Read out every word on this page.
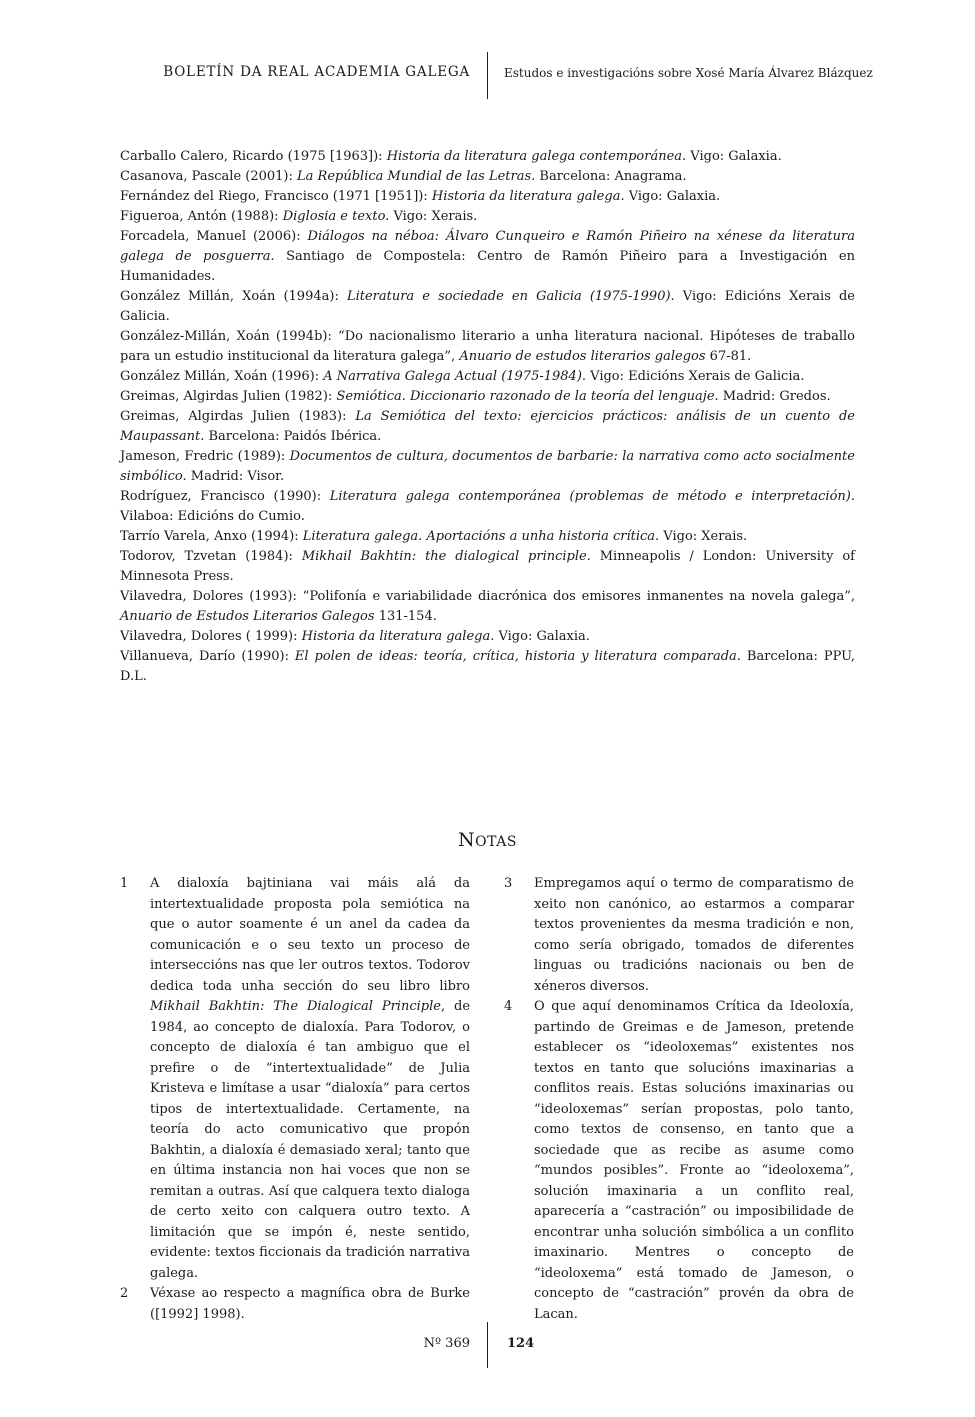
BOLETÍN DA REAL ACADEMIA GALEGA	Estudos e investigacións sobre Xosé María Álvarez Blázquez

Carballo Calero, Ricardo (1975 [1963]): Historia da literatura galega contemporánea. Vigo: Galaxia.

Casanova, Pascale (2001): La República Mundial de las Letras. Barcelona: Anagrama.

Fernández del Riego, Francisco (1971 [1951]): Historia da literatura galega. Vigo: Galaxia.

Figueroa, Antón (1988): Diglosia e texto. Vigo: Xerais.

Forcadela, Manuel (2006): Diálogos na néboa: Álvaro Cunqueiro e Ramón Piñeiro na xénese da literatura galega de posguerra. Santiago de Compostela: Centro de Ramón Piñeiro para a Investigación en Humanidades.

González Millán, Xoán (1994a): Literatura e sociedade en Galicia (1975-1990). Vigo: Edicións Xerais de Galicia.

González-Millán, Xoán (1994b): “Do nacionalismo literario a unha literatura nacional. Hipóteses de traballo para un estudio institucional da literatura galega”, Anuario de estudos literarios galegos 67-81.

González Millán, Xoán (1996): A Narrativa Galega Actual (1975-1984). Vigo: Edicións Xerais de Galicia.

Greimas, Algirdas Julien (1982): Semiótica. Diccionario razonado de la teoría del lenguaje. Madrid: Gredos.

Greimas, Algirdas Julien (1983): La Semiótica del texto: ejercicios prácticos: análisis de un cuento de Maupassant. Barcelona: Paidós Ibérica.

Jameson, Fredric (1989): Documentos de cultura, documentos de barbarie: la narrativa como acto socialmente simbólico. Madrid: Visor.

Rodríguez, Francisco (1990): Literatura galega contemporánea (problemas de método e interpretación). Vilaboa: Edicións do Cumio.

Tarrío Varela, Anxo (1994): Literatura galega. Aportacións a unha historia crítica. Vigo: Xerais.

Todorov, Tzvetan (1984): Mikhail Bakhtin: the dialogical principle. Minneapolis / London: University of Minnesota Press.

Vilavedra, Dolores (1993): “Polifonía e variabilidade diacrónica dos emisores inmanentes na novela galega”, Anuario de Estudos Literarios Galegos 131-154.

Vilavedra, Dolores ( 1999): Historia da literatura galega. Vigo: Galaxia.

Villanueva, Darío (1990): El polen de ideas: teoría, crítica, historia y literatura comparada. Barcelona: PPU, D.L.

NOTAS

1 A dialoxía bajtiniana vai máis alá da intertextualidade proposta pola semiótica na que o autor soamente é un anel da cadea da comunicación e o seu texto un proceso de interseccións nas que ler outros textos. Todorov dedica toda unha sección do seu libro libro Mikhail Bakhtin: The Dialogical Principle, de 1984, ao concepto de dialoxía. Para Todorov, o concepto de dialoxía é tan ambiguo que el prefire o de “intertextualidade” de Julia Kristeva e limítase a usar “dialoxía” para certos tipos de intertextualidade. Certamente, na teoría do acto comunicativo que propón Bakhtin, a dialoxía é demasiado xeral; tanto que en última instancia non hai voces que non se remitan a outras. Así que calquera texto dialoga de certo xeito con calquera outro texto. A limitación que se impón é, neste sentido, evidente: textos ficcionais da tradición narrativa galega.

2 Véxase ao respecto a magnífica obra de Burke ([1992] 1998).

3 Empregamos aquí o termo de comparatismo de xeito non canónico, ao estarmos a comparar textos provenientes da mesma tradición e non, como sería obrigado, tomados de diferentes linguas ou tradicións nacionais ou ben de xéneros diversos.

4 O que aquí denominamos Crítica da Ideoloxía, partindo de Greimas e de Jameson, pretende establecer os “ideoloxemas” existentes nos textos en tanto que solucións imaxinarias a conflitos reais. Estas solucións imaxinarias ou “ideoloxemas” serían propostas, polo tanto, como textos de consenso, en tanto que a sociedade que as recibe as asume como “mundos posibles”. Fronte ao “ideoloxema”, solución imaxinaria a un conflito real, aparecería a “castración” ou imposibilidade de encontrar unha solución simbólica a un conflito imaxinario. Mentres o concepto de “ideoloxema” está tomado de Jameson, o concepto de “castración” provén da obra de Lacan.

Nº 369	124
